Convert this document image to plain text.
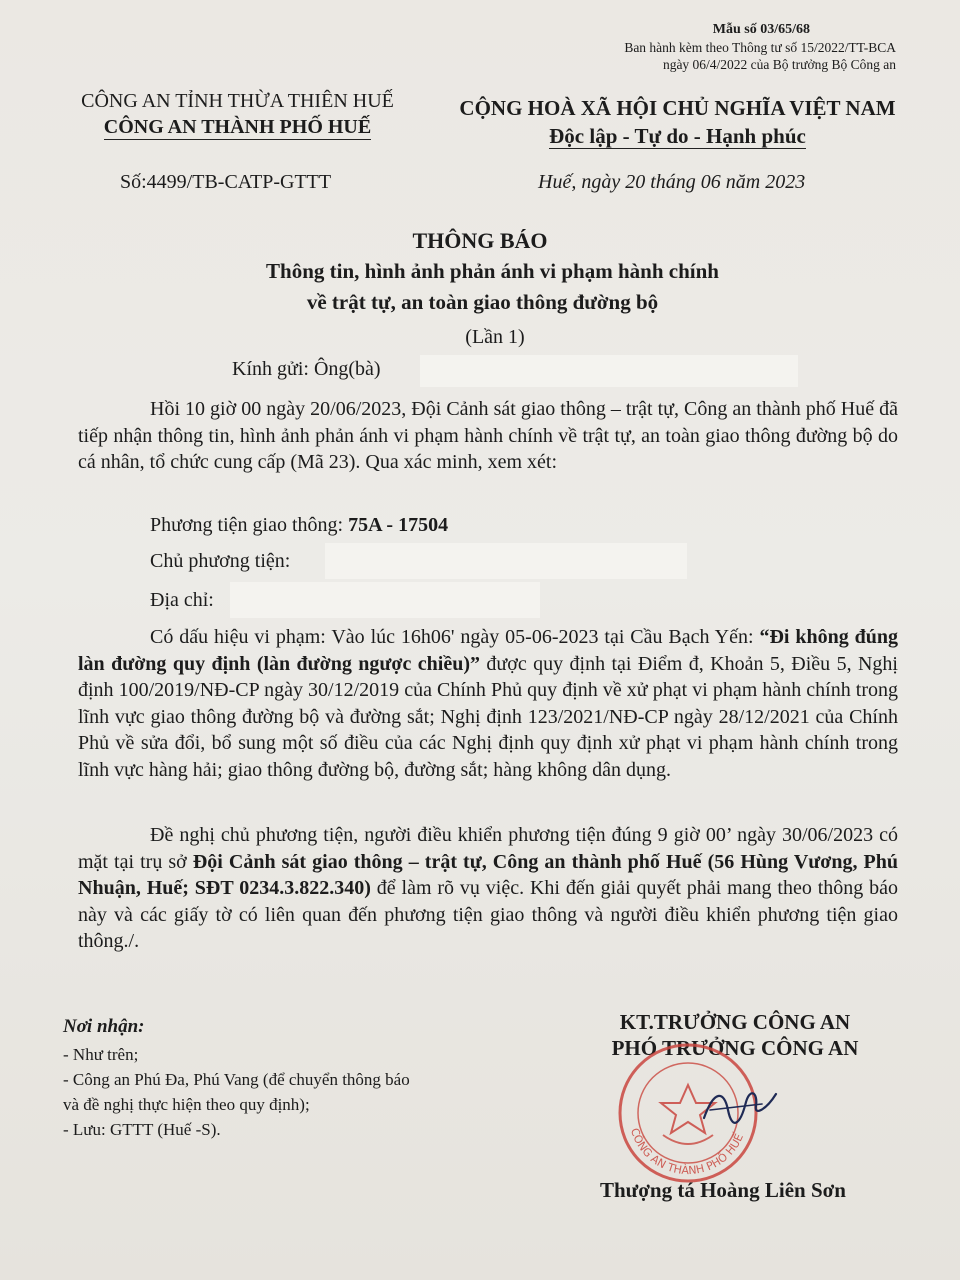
Mẫu số 03/65/68
Ban hành kèm theo Thông tư số 15/2022/TT-BCA
ngày 06/4/2022 của Bộ trưởng Bộ Công an
CÔNG AN TỈNH THỪA THIÊN HUẾ
CÔNG AN THÀNH PHỐ HUẾ
Số:4499/TB-CATP-GTTT
CỘNG HOÀ XÃ HỘI CHỦ NGHĨA VIỆT NAM
Độc lập - Tự do - Hạnh phúc
Huế, ngày 20 tháng 06 năm 2023
THÔNG BÁO
Thông tin, hình ảnh phản ánh vi phạm hành chính
về trật tự, an toàn giao thông đường bộ
(Lần 1)
Kính gửi: Ông(bà)
Hồi 10 giờ 00 ngày 20/06/2023, Đội Cảnh sát giao thông – trật tự, Công an thành phố Huế đã tiếp nhận thông tin, hình ảnh phản ánh vi phạm hành chính về trật tự, an toàn giao thông đường bộ do cá nhân, tổ chức cung cấp (Mã 23). Qua xác minh, xem xét:
Phương tiện giao thông: 75A - 17504
Chủ phương tiện:
Địa chỉ:
Có dấu hiệu vi phạm: Vào lúc 16h06' ngày 05-06-2023 tại Cầu Bạch Yến: “Đi không đúng làn đường quy định (làn đường ngược chiều)” được quy định tại Điểm đ, Khoản 5, Điều 5, Nghị định 100/2019/NĐ-CP ngày 30/12/2019 của Chính Phủ quy định về xử phạt vi phạm hành chính trong lĩnh vực giao thông đường bộ và đường sắt; Nghị định 123/2021/NĐ-CP ngày 28/12/2021 của Chính Phủ về sửa đổi, bổ sung một số điều của các Nghị định quy định xử phạt vi phạm hành chính trong lĩnh vực hàng hải; giao thông đường bộ, đường sắt; hàng không dân dụng.
Đề nghị chủ phương tiện, người điều khiển phương tiện đúng 9 giờ 00’ ngày 30/06/2023 có mặt tại trụ sở Đội Cảnh sát giao thông – trật tự, Công an thành phố Huế (56 Hùng Vương, Phú Nhuận, Huế; SĐT 0234.3.822.340) để làm rõ vụ việc. Khi đến giải quyết phải mang theo thông báo này và các giấy tờ có liên quan đến phương tiện giao thông và người điều khiển phương tiện giao thông./.
Nơi nhận:
- Như trên;
- Công an Phú Đa, Phú Vang (để chuyển thông báo
và đề nghị thực hiện theo quy định);
- Lưu: GTTT (Huế -S).
KT.TRƯỞNG CÔNG AN
PHÓ TRƯỞNG CÔNG AN
CÔNG AN THÀNH PHỐ HUẾ
Thượng tá Hoàng Liên Sơn
